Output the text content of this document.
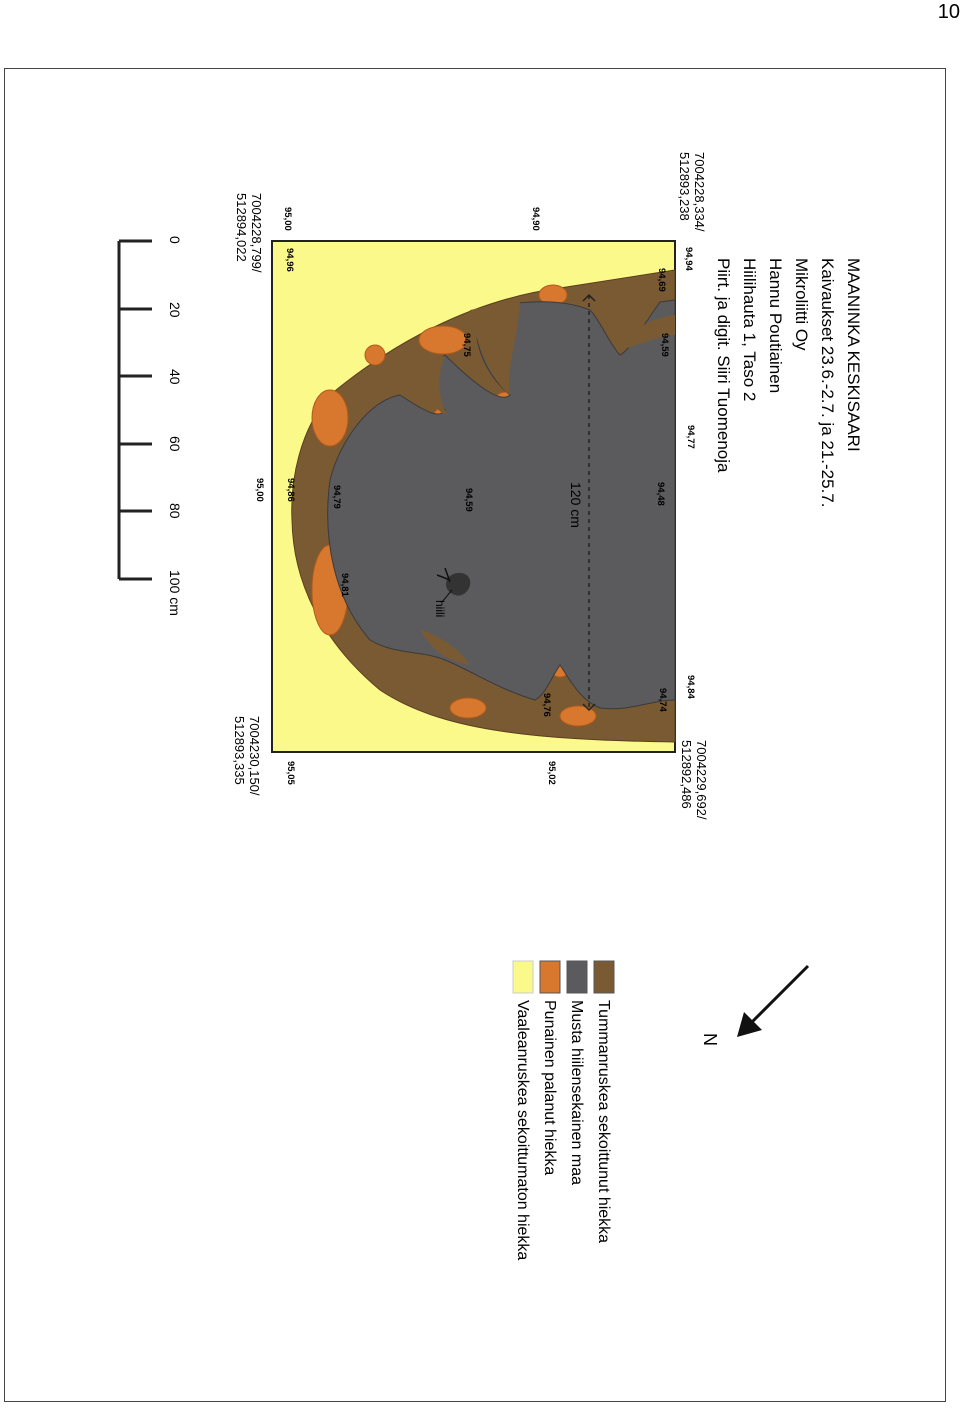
10
MAANINKA KESKISAARI
Kaivaukset 23.6.-2.7. ja 21.-25.7.
Mikroliitti Oy
Hannu Poutiainen
Hiilihauta 1, Taso 2
Piirt. ja digit. Siiri Tuomenoja
7004228,334/
512893,238
7004228,799/
512894,022
7004229,692/
512892,486
7004230,150/
512893,335
94,94
94,90
95,00
94,96
94,69
94,59
94,75
94,77
94,48
94,59
94,79
94,86
95,00
94,81
94,84
94,74
94,76
95,02
95,05
120 cm
hiili
0
20
40
60
80
100 cm
N
Tummanruskea sekoittunut hiekka
Musta hiilensekainen maa
Punainen palanut hiekka
Vaaleanruskea sekoittumaton hiekka
